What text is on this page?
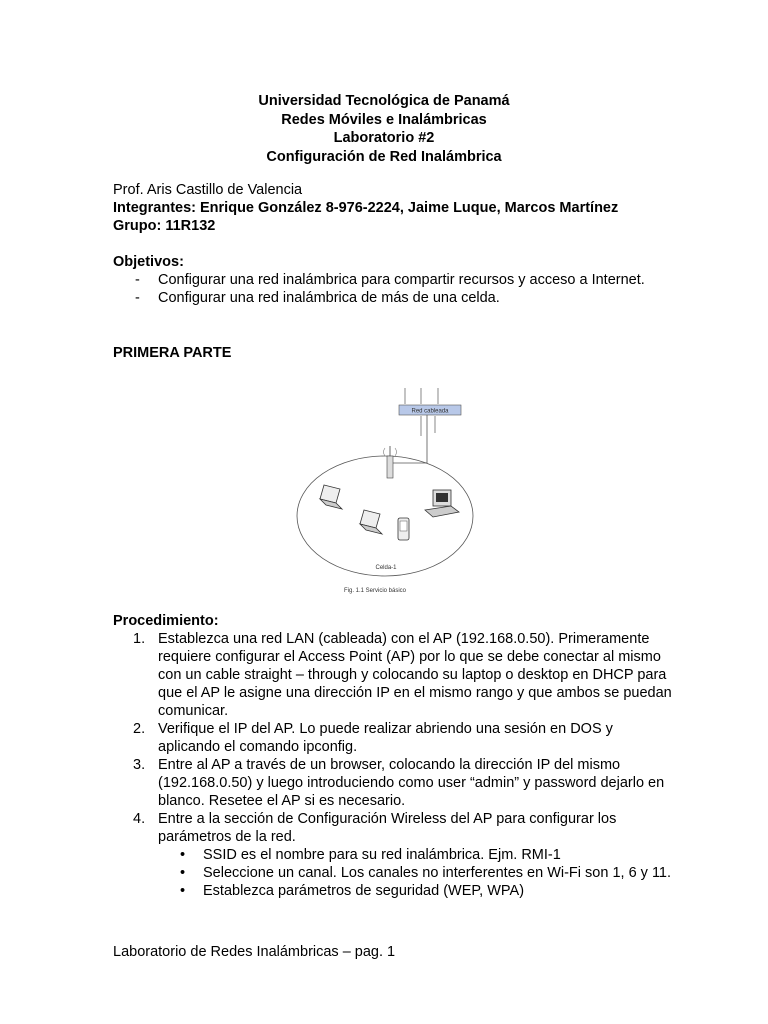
Universidad Tecnológica de Panamá
Redes Móviles e Inalámbricas
Laboratorio #2
Configuración de Red Inalámbrica
Prof. Aris Castillo de Valencia
Integrantes: Enrique González 8-976-2224, Jaime Luque, Marcos Martínez
Grupo: 11R132
Objetivos:
- Configurar una red inalámbrica para compartir recursos y acceso a Internet.
- Configurar una red inalámbrica de más de una celda.
PRIMERA PARTE
Red cableada
Celda-1
Fig. 1.1 Servicio básico
Procedimiento:
1. Establezca una red LAN (cableada) con el AP (192.168.0.50). Primeramente requiere configurar el Access Point (AP) por lo que se debe conectar al mismo con un cable straight – through y colocando su laptop o desktop en DHCP para que el AP le asigne una dirección IP en el mismo rango y que ambos se puedan comunicar.
2. Verifique el IP del AP. Lo puede realizar abriendo una sesión en DOS y aplicando el comando ipconfig.
3. Entre al AP a través de un browser, colocando la dirección IP del mismo (192.168.0.50) y luego introduciendo como user “admin” y password dejarlo en blanco. Resetee el AP si es necesario.
4. Entre a la sección de Configuración Wireless del AP para configurar los parámetros de la red.
• SSID es el nombre para su red inalámbrica. Ejm. RMI-1
• Seleccione un canal. Los canales no interferentes en Wi-Fi son 1, 6 y 11.
• Establezca parámetros de seguridad (WEP, WPA)
Laboratorio de Redes Inalámbricas – pag. 1
